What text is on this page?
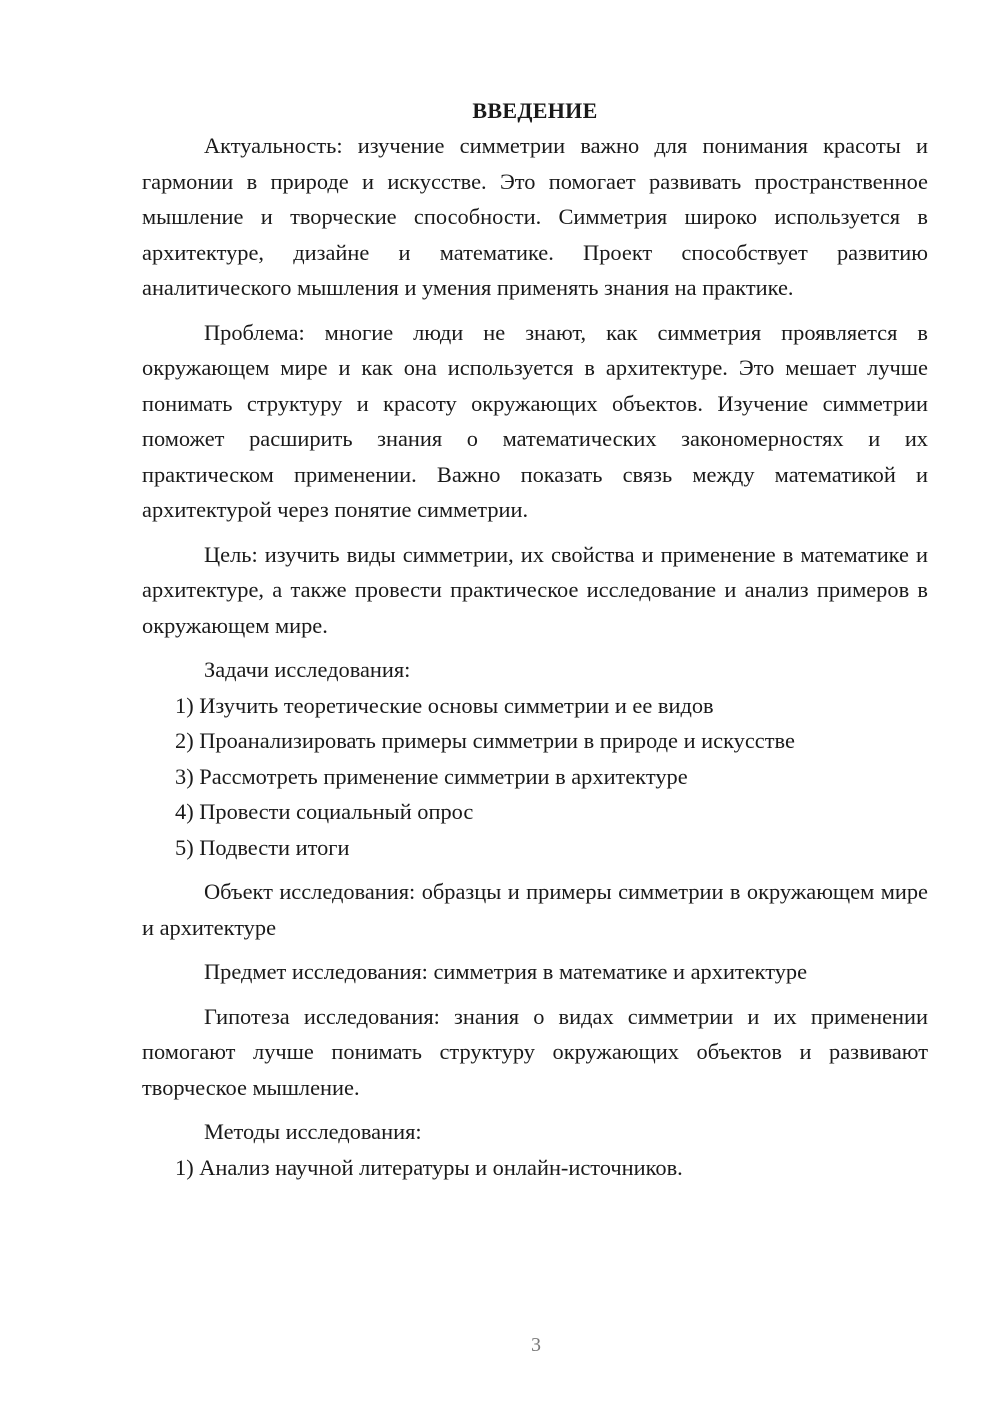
ВВЕДЕНИЕ

Актуальность: изучение симметрии важно для понимания красоты и гармонии в природе и искусстве. Это помогает развивать пространственное мышление и творческие способности. Симметрия широко используется в архитектуре, дизайне и математике. Проект способствует развитию аналитического мышления и умения применять знания на практике.

Проблема: многие люди не знают, как симметрия проявляется в окружающем мире и как она используется в архитектуре. Это мешает лучше понимать структуру и красоту окружающих объектов. Изучение симметрии поможет расширить знания о математических закономерностях и их практическом применении. Важно показать связь между математикой и архитектурой через понятие симметрии.

Цель: изучить виды симметрии, их свойства и применение в математике и архитектуре, а также провести практическое исследование и анализ примеров в окружающем мире.

Задачи исследования:

1) Изучить теоретические основы симметрии и ее видов
2) Проанализировать примеры симметрии в природе и искусстве
3) Рассмотреть применение симметрии в архитектуре
4) Провести социальный опрос
5) Подвести итоги

Объект исследования: образцы и примеры симметрии в окружающем мире и архитектуре

Предмет исследования: симметрия в математике и архитектуре

Гипотеза исследования: знания о видах симметрии и их применении помогают лучше понимать структуру окружающих объектов и развивают творческое мышление.

Методы исследования:

1) Анализ научной литературы и онлайн-источников.
3
